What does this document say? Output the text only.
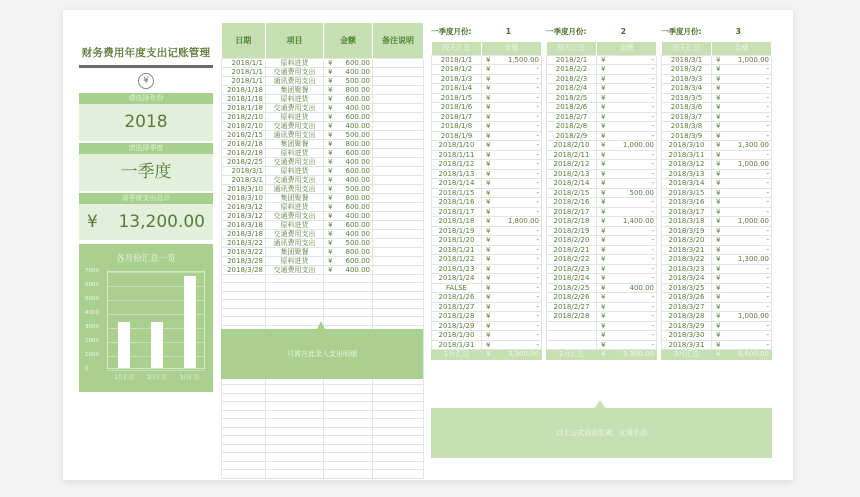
财务费用年度支出记账管理
¥
请选择年份
2018
请选择季度
一季度
该季度支出总计
¥ 13,200.00
各月份汇总一览
7000
6000
5000
4000
3000
2000
1000
0
1月汇总 2月汇总 3月汇总
日期	项目	金额		备注说明
2018/1/1	原料进货	¥	600.00	
2018/1/1	交通费用支出	¥	400.00	
2018/1/1	通讯费用支出	¥	500.00	
2018/1/18	集团聚餐	¥	800.00	
2018/1/18	原料进货	¥	600.00	
2018/1/18	交通费用支出	¥	400.00	
2018/2/10	原料进货	¥	600.00	
2018/2/10	交通费用支出	¥	400.00	
2018/2/15	通讯费用支出	¥	500.00	
2018/2/18	集团聚餐	¥	800.00	
2018/2/18	原料进货	¥	600.00	
2018/2/25	交通费用支出	¥	400.00	
2018/3/1	原料进货	¥	600.00	
2018/3/1	交通费用支出	¥	400.00	
2018/3/10	通讯费用支出	¥	500.00	
2018/3/10	集团聚餐	¥	800.00	
2018/3/12	原料进货	¥	600.00	
2018/3/12	交通费用支出	¥	400.00	
2018/3/18	原料进货	¥	600.00	
2018/3/18	交通费用支出	¥	400.00	
2018/3/22	通讯费用支出	¥	500.00	
2018/3/22	集团聚餐	¥	800.00	
2018/3/28	原料进货	¥	600.00	
2018/3/28	交通费用支出	¥	400.00	

只需在此录入支出明细
一季度月份:	1
按天汇总	金额	
2018/1/1	¥	1,500.00
2018/1/2	¥	-
2018/1/3	¥	-
2018/1/4	¥	-
2018/1/5	¥	-
2018/1/6	¥	-
2018/1/7	¥	-
2018/1/8	¥	-
2018/1/9	¥	-
2018/1/10	¥	-
2018/1/11	¥	-
2018/1/12	¥	-
2018/1/13	¥	-
2018/1/14	¥	-
2018/1/15	¥	-
2018/1/16	¥	-
2018/1/17	¥	-
2018/1/18	¥	1,800.00
2018/1/19	¥	-
2018/1/20	¥	-
2018/1/21	¥	-
2018/1/22	¥	-
2018/1/23	¥	-
2018/1/24	¥	-
FALSE	¥	-
2018/1/26	¥	-
2018/1/27	¥	-
2018/1/28	¥	-
2018/1/29	¥	-
2018/1/30	¥	-
2018/1/31	¥	-
1月汇总	¥	3,300.00
一季度月份:	2
按天汇总	金额	
2018/2/1	¥	-
2018/2/2	¥	-
2018/2/3	¥	-
2018/2/4	¥	-
2018/2/5	¥	-
2018/2/6	¥	-
2018/2/7	¥	-
2018/2/8	¥	-
2018/2/9	¥	-
2018/2/10	¥	1,000.00
2018/2/11	¥	-
2018/2/12	¥	-
2018/2/13	¥	-
2018/2/14	¥	-
2018/2/15	¥	500.00
2018/2/16	¥	-
2018/2/17	¥	-
2018/2/18	¥	1,400.00
2018/2/19	¥	-
2018/2/20	¥	-
2018/2/21	¥	-
2018/2/22	¥	-
2018/2/23	¥	-
2018/2/24	¥	-
2018/2/25	¥	400.00
2018/2/26	¥	-
2018/2/27	¥	-
2018/2/28	¥	-
	¥	-
	¥	-
	¥	-
2月汇总	¥	3,300.00
一季度月份:	3
按天汇总	金额	
2018/3/1	¥	1,000.00
2018/3/2	¥	-
2018/3/3	¥	-
2018/3/4	¥	-
2018/3/5	¥	-
2018/3/6	¥	-
2018/3/7	¥	-
2018/3/8	¥	-
2018/3/9	¥	-
2018/3/10	¥	1,300.00
2018/3/11	¥	-
2018/3/12	¥	1,000.00
2018/3/13	¥	-
2018/3/14	¥	-
2018/3/15	¥	-
2018/3/16	¥	-
2018/3/17	¥	-
2018/3/18	¥	1,000.00
2018/3/19	¥	-
2018/3/20	¥	-
2018/3/21	¥	-
2018/3/22	¥	1,300.00
2018/3/23	¥	-
2018/3/24	¥	-
2018/3/25	¥	-
2018/3/26	¥	-
2018/3/27	¥	-
2018/3/28	¥	1,000.00
2018/3/29	¥	-
2018/3/30	¥	-
2018/3/31	¥	-
3月汇总	¥	6,600.00
以上公式自动生成，无需手动
